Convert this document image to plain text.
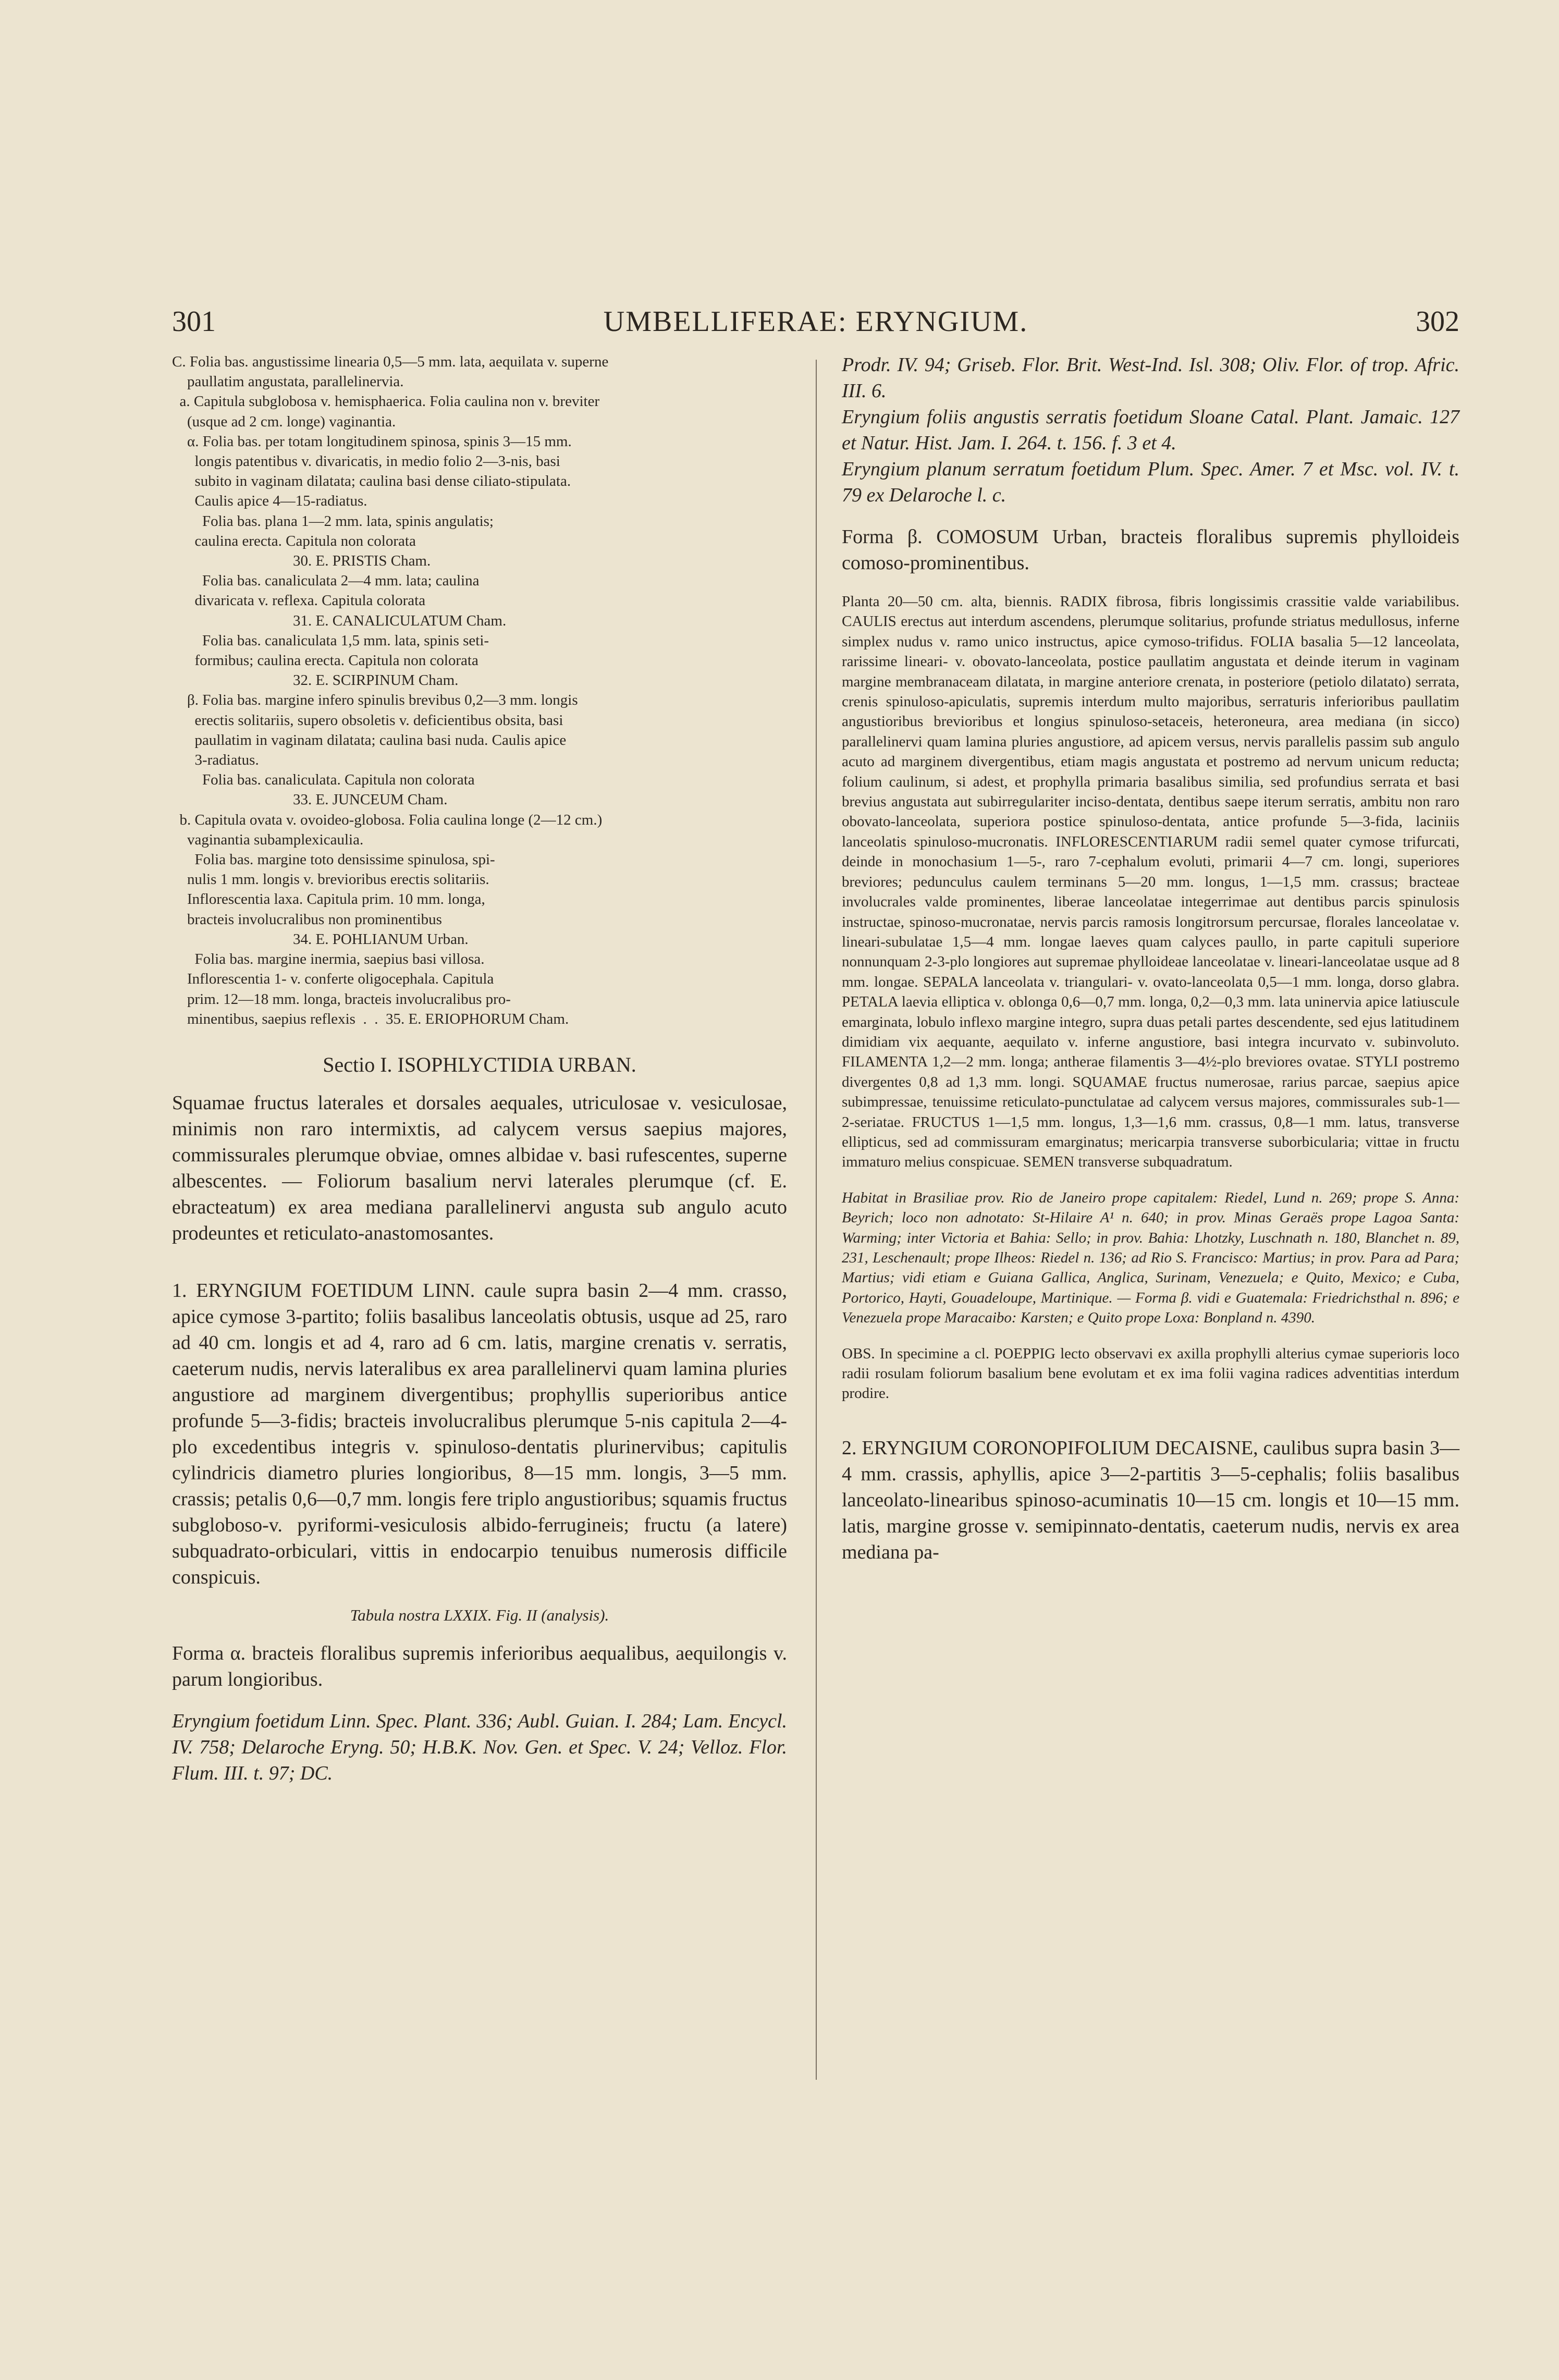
301	UMBELLIFERAE: ERYNGIUM.	302
C. Folia bas. angustissime linearia 0,5—5 mm. lata, aequilata v. superne
paullatim angustata, parallelinervia.
a. Capitula subglobosa v. hemisphaerica. Folia caulina non v. breviter
(usque ad 2 cm. longe) vaginantia.
α. Folia bas. per totam longitudinem spinosa, spinis 3—15 mm.
longis patentibus v. divaricatis, in medio folio 2—3-nis, basi
subito in vaginam dilatata; caulina basi dense ciliato-stipulata.
Caulis apice 4—15-radiatus.
Folia bas. plana 1—2 mm. lata, spinis angulatis;
caulina erecta. Capitula non colorata
30. E. PRISTIS Cham.
Folia bas. canaliculata 2—4 mm. lata; caulina
divaricata v. reflexa. Capitula colorata
31. E. CANALICULATUM Cham.
Folia bas. canaliculata 1,5 mm. lata, spinis seti-
formibus; caulina erecta. Capitula non colorata
32. E. SCIRPINUM Cham.
β. Folia bas. margine infero spinulis brevibus 0,2—3 mm. longis
erectis solitariis, supero obsoletis v. deficientibus obsita, basi
paullatim in vaginam dilatata; caulina basi nuda. Caulis apice
3-radiatus.
Folia bas. canaliculata. Capitula non colorata
33. E. JUNCEUM Cham.
b. Capitula ovata v. ovoideo-globosa. Folia caulina longe (2—12 cm.)
vaginantia subamplexicaulia.
Folia bas. margine toto densissime spinulosa, spi-
nulis 1 mm. longis v. brevioribus erectis solitariis.
Inflorescentia laxa. Capitula prim. 10 mm. longa,
bracteis involucralibus non prominentibus
34. E. POHLIANUM Urban.
Folia bas. margine inermia, saepius basi villosa.
Inflorescentia 1- v. conferte oligocephala. Capitula
prim. 12—18 mm. longa, bracteis involucralibus pro-
minentibus, saepius reflexis  .  .  35. E. ERIOPHORUM Cham.
Sectio I. ISOPHLYCTIDIA URBAN.

Squamae fructus laterales et dorsales aequales, utriculosae v. vesiculosae, minimis non raro intermixtis, ad calycem versus saepius majores, commissurales plerumque obviae, omnes albidae v. basi rufescentes, superne albescentes. — Foliorum basalium nervi laterales plerumque (cf. E. ebracteatum) ex area mediana parallelinervi angusta sub angulo acuto prodeuntes et reticulato-anastomosantes.

1. ERYNGIUM FOETIDUM LINN. caule supra basin 2—4 mm. crasso, apice cymose 3-partito; foliis basalibus lanceolatis obtusis, usque ad 25, raro ad 40 cm. longis et ad 4, raro ad 6 cm. latis, margine crenatis v. serratis, caeterum nudis, nervis lateralibus ex area parallelinervi quam lamina pluries angustiore ad marginem divergentibus; prophyllis superioribus antice profunde 5—3-fidis; bracteis involucralibus plerumque 5-nis capitula 2—4-plo excedentibus integris v. spinuloso-dentatis plurinervibus; capitulis cylindricis diametro pluries longioribus, 8—15 mm. longis, 3—5 mm. crassis; petalis 0,6—0,7 mm. longis fere triplo angustioribus; squamis fructus subgloboso-v. pyriformi-vesiculosis albido-ferrugineis; fructu (a latere) subquadrato-orbiculari, vittis in endocarpio tenuibus numerosis difficile conspicuis.

Tabula nostra LXXIX. Fig. II (analysis).

Forma α. bracteis floralibus supremis inferioribus aequalibus, aequilongis v. parum longioribus.

Eryngium foetidum Linn. Spec. Plant. 336; Aubl. Guian. I. 284; Lam. Encycl. IV. 758; Delaroche Eryng. 50; H.B.K. Nov. Gen. et Spec. V. 24; Velloz. Flor. Flum. III. t. 97; DC.

Prodr. IV. 94; Griseb. Flor. Brit. West-Ind. Isl. 308; Oliv. Flor. of trop. Afric. III. 6.

Eryngium foliis angustis serratis foetidum Sloane Catal. Plant. Jamaic. 127 et Natur. Hist. Jam. I. 264. t. 156. f. 3 et 4.

Eryngium planum serratum foetidum Plum. Spec. Amer. 7 et Msc. vol. IV. t. 79 ex Delaroche l. c.

Forma β. COMOSUM Urban, bracteis floralibus supremis phylloideis comoso-prominentibus.

Planta 20—50 cm. alta, biennis. RADIX fibrosa, fibris longissimis crassitie valde variabilibus. CAULIS erectus aut interdum ascendens, plerumque solitarius, profunde striatus medullosus, inferne simplex nudus v. ramo unico instructus, apice cymoso-trifidus. FOLIA basalia 5—12 lanceolata, rarissime lineari- v. obovato-lanceolata, postice paullatim angustata et deinde iterum in vaginam margine membranaceam dilatata, in margine anteriore crenata, in posteriore (petiolo dilatato) serrata, crenis spinuloso-apiculatis, supremis interdum multo majoribus, serraturis inferioribus paullatim angustioribus brevioribus et longius spinuloso-setaceis, heteroneura, area mediana (in sicco) parallelinervi quam lamina pluries angustiore, ad apicem versus, nervis parallelis passim sub angulo acuto ad marginem divergentibus, etiam magis angustata et postremo ad nervum unicum reducta; folium caulinum, si adest, et prophylla primaria basalibus similia, sed profundius serrata et basi brevius angustata aut subirregulariter inciso-dentata, dentibus saepe iterum serratis, ambitu non raro obovato-lanceolata, superiora postice spinuloso-dentata, antice profunde 5—3-fida, laciniis lanceolatis spinuloso-mucronatis. INFLORESCENTIARUM radii semel quater cymose trifurcati, deinde in monochasium 1—5-, raro 7-cephalum evoluti, primarii 4—7 cm. longi, superiores breviores; pedunculus caulem terminans 5—20 mm. longus, 1—1,5 mm. crassus; bracteae involucrales valde prominentes, liberae lanceolatae integerrimae aut dentibus parcis spinulosis instructae, spinoso-mucronatae, nervis parcis ramosis longitrorsum percursae, florales lanceolatae v. lineari-subulatae 1,5—4 mm. longae laeves quam calyces paullo, in parte capituli superiore nonnunquam 2-3-plo longiores aut supremae phylloideae lanceolatae v. lineari-lanceolatae usque ad 8 mm. longae. SEPALA lanceolata v. triangulari- v. ovato-lanceolata 0,5—1 mm. longa, dorso glabra. PETALA laevia elliptica v. oblonga 0,6—0,7 mm. longa, 0,2—0,3 mm. lata uninervia apice latiuscule emarginata, lobulo inflexo margine integro, supra duas petali partes descendente, sed ejus latitudinem dimidiam vix aequante, aequilato v. inferne angustiore, basi integra incurvato v. subinvoluto. FILAMENTA 1,2—2 mm. longa; antherae filamentis 3—4½-plo breviores ovatae. STYLI postremo divergentes 0,8 ad 1,3 mm. longi. SQUAMAE fructus numerosae, rarius parcae, saepius apice subimpressae, tenuissime reticulato-punctulatae ad calycem versus majores, commissurales sub-1—2-seriatae. FRUCTUS 1—1,5 mm. longus, 1,3—1,6 mm. crassus, 0,8—1 mm. latus, transverse ellipticus, sed ad commissuram emarginatus; mericarpia transverse suborbicularia; vittae in fructu immaturo melius conspicuae. SEMEN transverse subquadratum.

Habitat in Brasiliae prov. Rio de Janeiro prope capitalem: Riedel, Lund n. 269; prope S. Anna: Beyrich; loco non adnotato: St-Hilaire A¹ n. 640; in prov. Minas Geraës prope Lagoa Santa: Warming; inter Victoria et Bahia: Sello; in prov. Bahia: Lhotzky, Luschnath n. 180, Blanchet n. 89, 231, Leschenault; prope Ilheos: Riedel n. 136; ad Rio S. Francisco: Martius; in prov. Para ad Para; Martius; vidi etiam e Guiana Gallica, Anglica, Surinam, Venezuela; e Quito, Mexico; e Cuba, Portorico, Hayti, Gouadeloupe, Martinique. — Forma β. vidi e Guatemala: Friedrichsthal n. 896; e Venezuela prope Maracaibo: Karsten; e Quito prope Loxa: Bonpland n. 4390.

OBS. In specimine a cl. POEPPIG lecto observavi ex axilla prophylli alterius cymae superioris loco radii rosulam foliorum basalium bene evolutam et ex ima folii vagina radices adventitias interdum prodire.

2. ERYNGIUM CORONOPIFOLIUM DECAISNE, caulibus supra basin 3—4 mm. crassis, aphyllis, apice 3—2-partitis 3—5-cephalis; foliis basalibus lanceolato-linearibus spinoso-acuminatis 10—15 cm. longis et 10—15 mm. latis, margine grosse v. semipinnato-dentatis, caeterum nudis, nervis ex area mediana pa-
